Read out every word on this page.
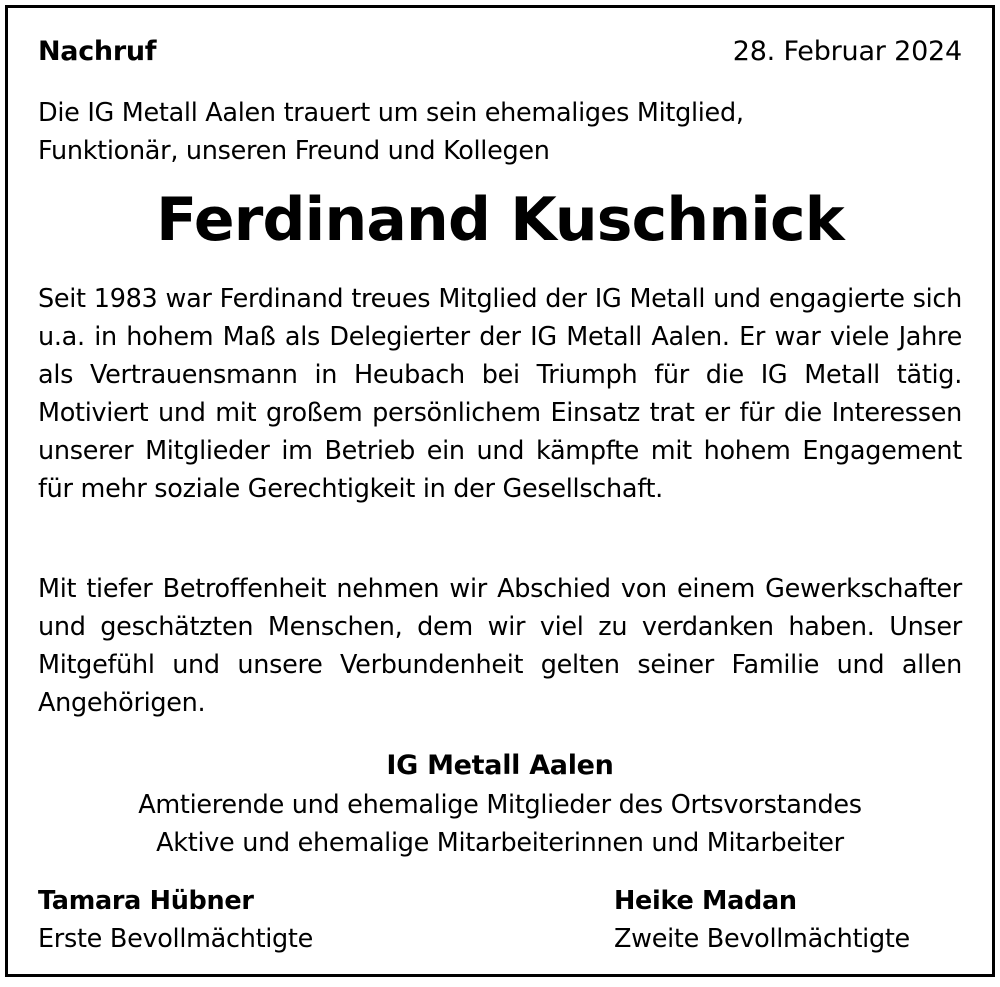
Nachruf	28. Februar 2024
Die IG Metall Aalen trauert um sein ehemaliges Mitglied,
Funktionär, unseren Freund und Kollegen
Ferdinand Kuschnick

Seit 1983 war Ferdinand treues Mitglied der IG Metall und engagierte sich u.a. in hohem Maß als Delegierter der IG Metall Aalen. Er war viele Jahre als Vertrauensmann in Heubach bei Triumph für die IG Metall tätig. Motiviert und mit großem persönlichem Einsatz trat er für die Interessen unserer Mitglieder im Betrieb ein und kämpfte mit hohem Engagement für mehr soziale Gerechtigkeit in der Gesellschaft.

Mit tiefer Betroffenheit nehmen wir Abschied von einem Gewerkschafter und geschätzten Menschen, dem wir viel zu verdanken haben. Unser Mitgefühl und unsere Verbundenheit gelten seiner Familie und allen Angehörigen.

IG Metall Aalen
Amtierende und ehemalige Mitglieder des Ortsvorstandes
Aktive und ehemalige Mitarbeiterinnen und Mitarbeiter
Tamara Hübner
Erste Bevollmächtigte
Heike Madan
Zweite Bevollmächtigte
